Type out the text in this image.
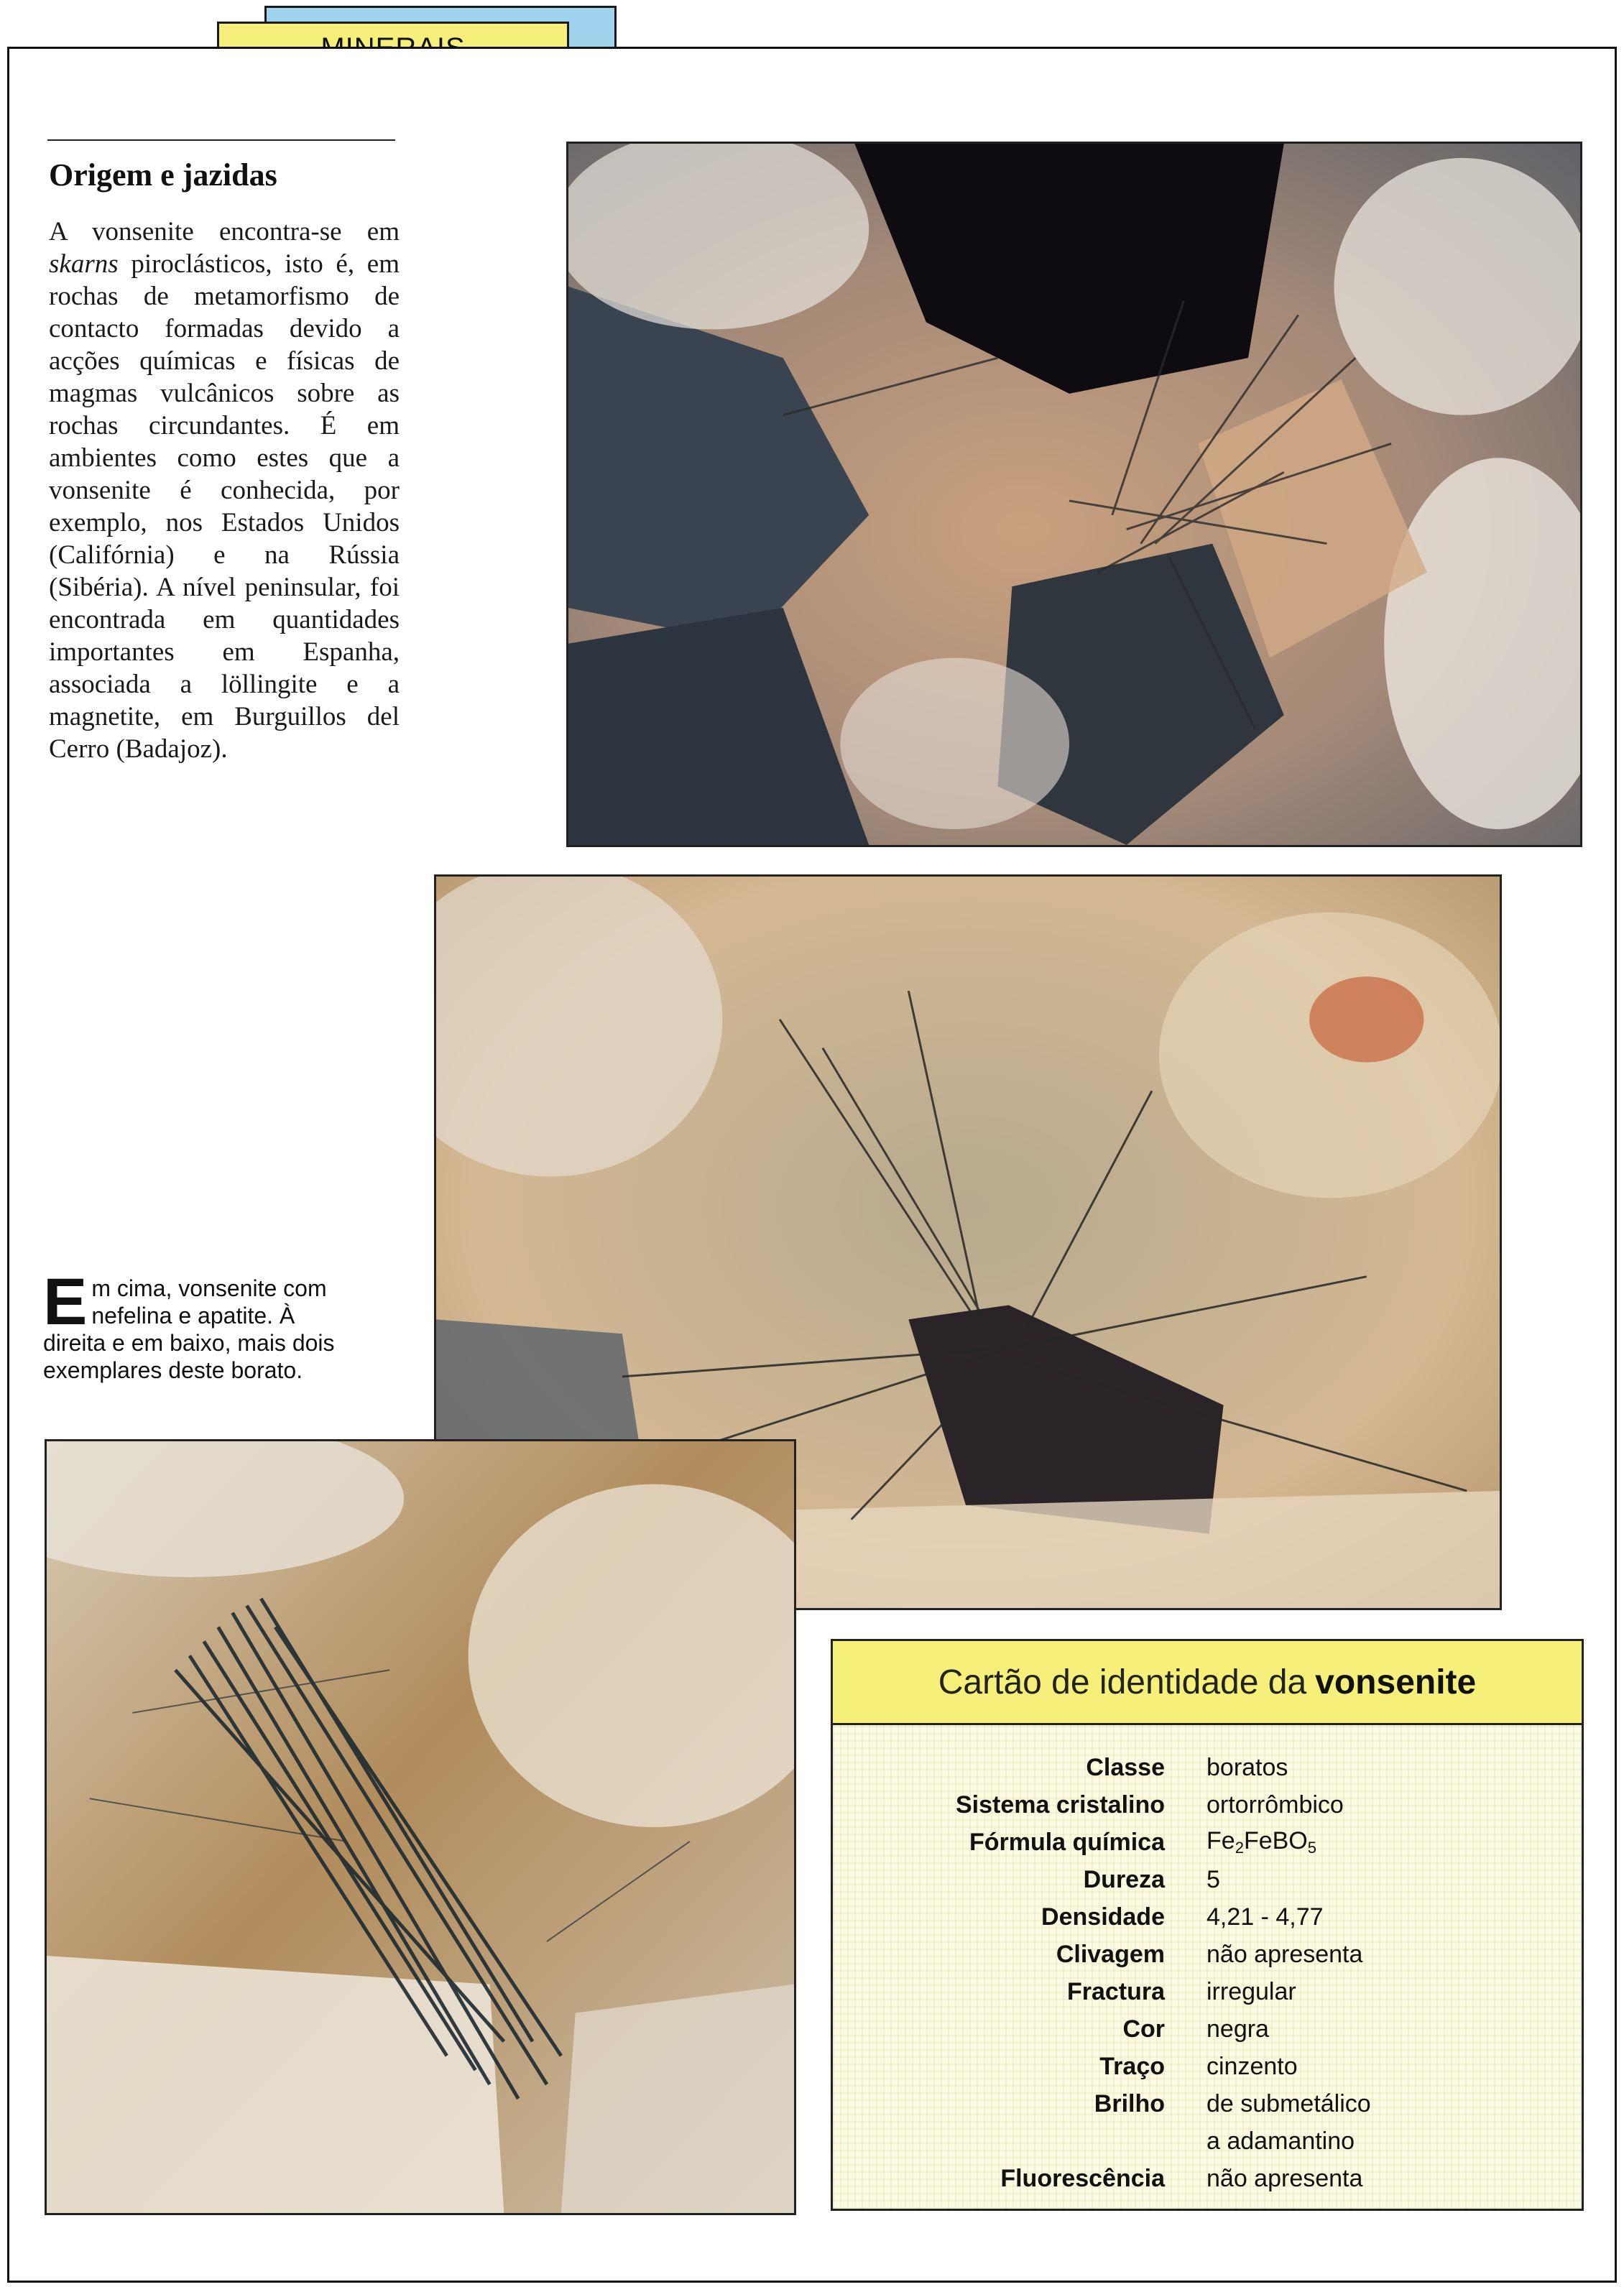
Origem e jazidas

A vonsenite encontra-se em skarns piroclásticos, isto é, em rochas de metamorfismo de contacto formadas devido a acções químicas e físicas de magmas vulcânicos sobre as rochas circundantes. É em ambientes como estes que a vonsenite é conhecida, por exemplo, nos Estados Unidos (Califórnia) e na Rússia (Sibéria). A nível peninsular, foi encontrada em quantidades importantes em Espanha, associada a löllingite e a magnetite, em Burguillos del Cerro (Badajoz).

Em cima, vonsenite com nefelina e apatite. À direita e em baixo, mais dois exemplares deste borato.

Cartão de identidade da vonsenite
Classe boratos
Sistema cristalino ortorrômbico
Fórmula química $Fe_2FeBO_5$
Dureza 5
Densidade 4,21 - 4,77
Clivagem não apresenta
Fractura irregular
Cor negra
Traço cinzento
Brilho de submetálico
a adamantino
Fluorescência não apresenta
